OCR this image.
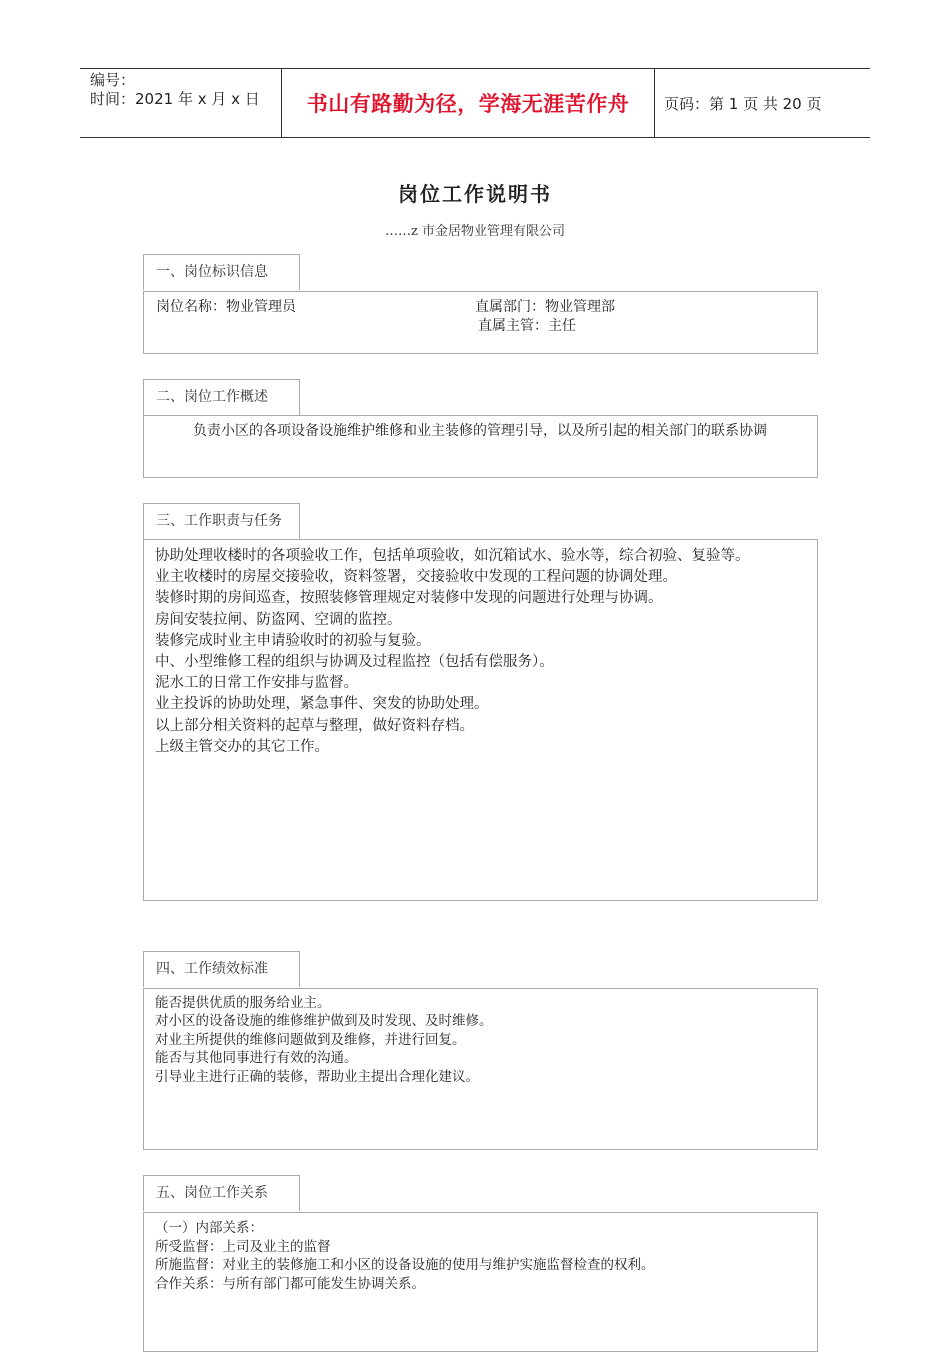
编号：
时间：2021 年 x 月 x 日	书山有路勤为径，学海无涯苦作舟	页码：第 1 页 共 20 页
岗位工作说明书
……z 市金居物业管理有限公司
一、岗位标识信息
岗位名称：物业管理员	直属部门：物业管理部
直属主管：主任
二、岗位工作概述
负责小区的各项设备设施维护维修和业主装修的管理引导，以及所引起的相关部门的联系协调
三、工作职责与任务
协助处理收楼时的各项验收工作，包括单项验收，如沉箱试水、验水等，综合初验、复验等。
业主收楼时的房屋交接验收，资料签署，交接验收中发现的工程问题的协调处理。
装修时期的房间巡查，按照装修管理规定对装修中发现的问题进行处理与协调。
房间安装拉闸、防盗网、空调的监控。
装修完成时业主申请验收时的初验与复验。
中、小型维修工程的组织与协调及过程监控（包括有偿服务）。
泥水工的日常工作安排与监督。
业主投诉的协助处理，紧急事件、突发的协助处理。
以上部分相关资料的起草与整理，做好资料存档。
上级主管交办的其它工作。
四、工作绩效标准
能否提供优质的服务给业主。
对小区的设备设施的维修维护做到及时发现、及时维修。
对业主所提供的维修问题做到及维修，并进行回复。
能否与其他同事进行有效的沟通。
引导业主进行正确的装修，帮助业主提出合理化建议。
五、岗位工作关系
（一）内部关系：
所受监督：上司及业主的监督
所施监督：对业主的装修施工和小区的设备设施的使用与维护实施监督检查的权利。
合作关系：与所有部门都可能发生协调关系。
